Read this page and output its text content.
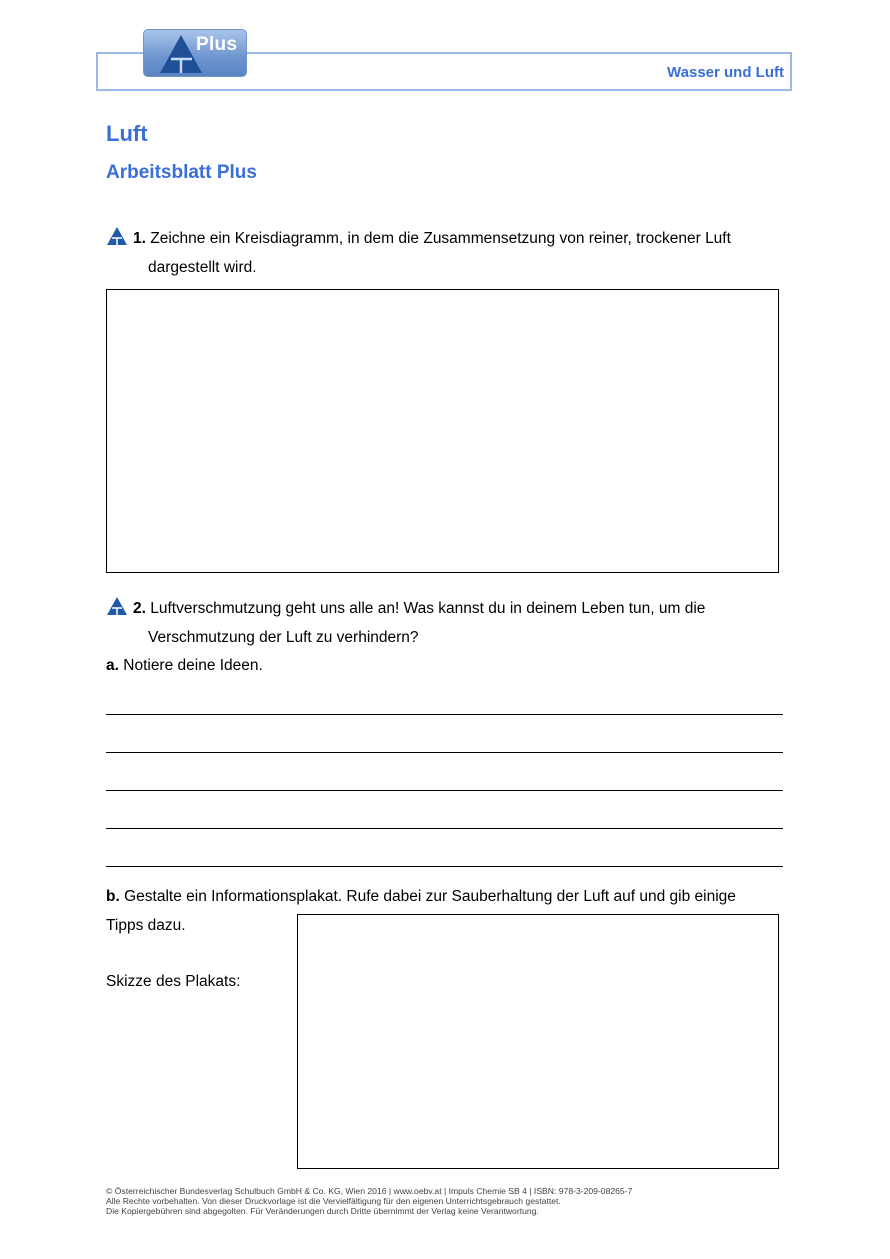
Plus
Wasser und Luft
Luft
Arbeitsblatt Plus
1. Zeichne ein Kreisdiagramm, in dem die Zusammensetzung von reiner, trockener Luft
dargestellt wird.
2. Luftverschmutzung geht uns alle an! Was kannst du in deinem Leben tun, um die
Verschmutzung der Luft zu verhindern?
a. Notiere deine Ideen.
b. Gestalte ein Informationsplakat. Rufe dabei zur Sauberhaltung der Luft auf und gib einige
Tipps dazu.
Skizze des Plakats:
© Österreichischer Bundesverlag Schulbuch GmbH & Co. KG, Wien 2016 | www.oebv.at | Impuls Chemie SB 4 | ISBN: 978-3-209-08265-7
Alle Rechte vorbehalten. Von dieser Druckvorlage ist die Vervielfältigung für den eigenen Unterrichtsgebrauch gestattet.
Die Kopiergebühren sind abgegolten. Für Veränderungen durch Dritte übernimmt der Verlag keine Verantwortung.
